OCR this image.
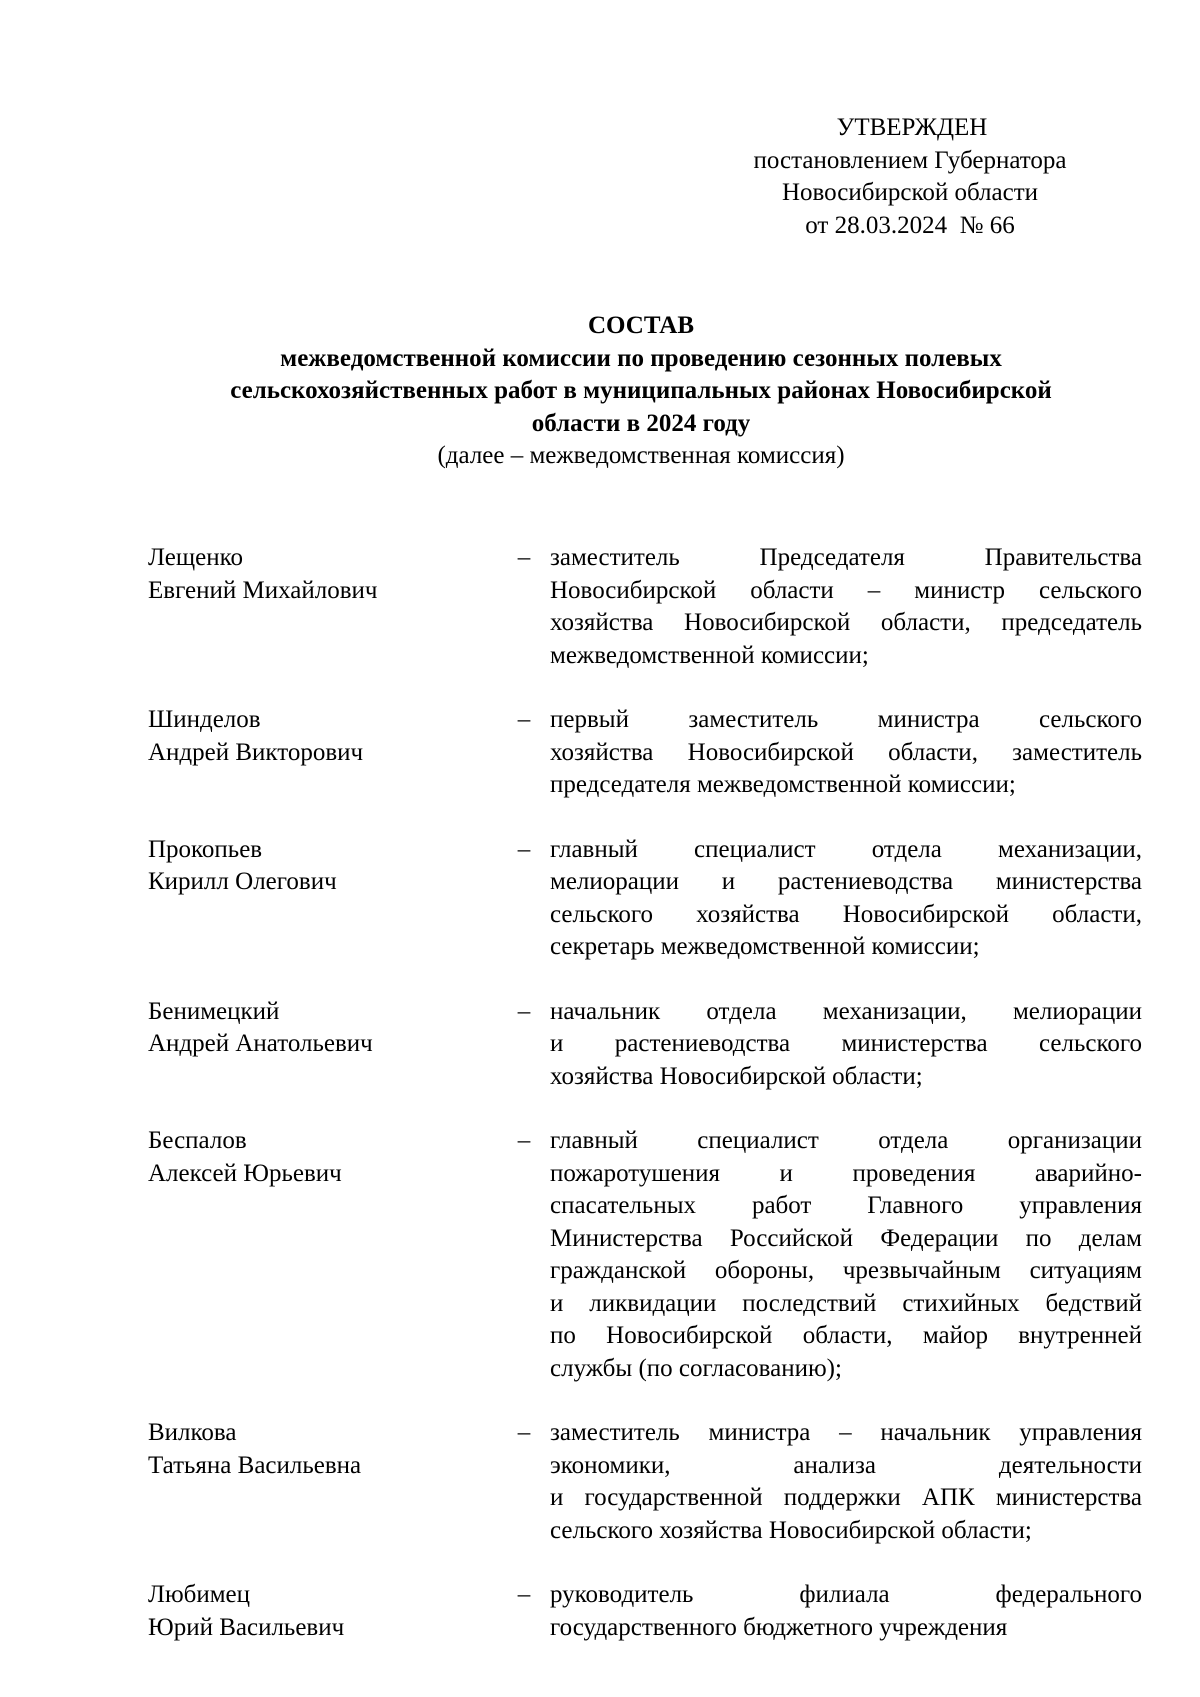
УТВЕРЖДЕН
постановлением Губернатора
Новосибирской области
от 28.03.2024  № 66
СОСТАВ
межведомственной комиссии по проведению сезонных полевых
сельскохозяйственных работ в муниципальных районах Новосибирской
области в 2024 году
(далее – межведомственная комиссия)
Лещенко
Евгений Михайлович
– заместитель Председателя Правительства
Новосибирской области – министр сельского
хозяйства Новосибирской области, председатель
межведомственной комиссии;
Шинделов
Андрей Викторович
– первый заместитель министра сельского
хозяйства Новосибирской области, заместитель
председателя межведомственной комиссии;
Прокопьев
Кирилл Олегович
– главный специалист отдела механизации,
мелиорации и растениеводства министерства
сельского хозяйства Новосибирской области,
секретарь межведомственной комиссии;
Бенимецкий
Андрей Анатольевич
– начальник отдела механизации, мелиорации
и растениеводства министерства сельского
хозяйства Новосибирской области;
Беспалов
Алексей Юрьевич
– главный специалист отдела организации
пожаротушения и проведения аварийно-
спасательных работ Главного управления
Министерства Российской Федерации по делам
гражданской обороны, чрезвычайным ситуациям
и ликвидации последствий стихийных бедствий
по Новосибирской области, майор внутренней
службы (по согласованию);
Вилкова
Татьяна Васильевна
– заместитель министра – начальник управления
экономики, анализа деятельности
и государственной поддержки АПК министерства
сельского хозяйства Новосибирской области;
Любимец
Юрий Васильевич
– руководитель филиала федерального
государственного бюджетного учреждения
